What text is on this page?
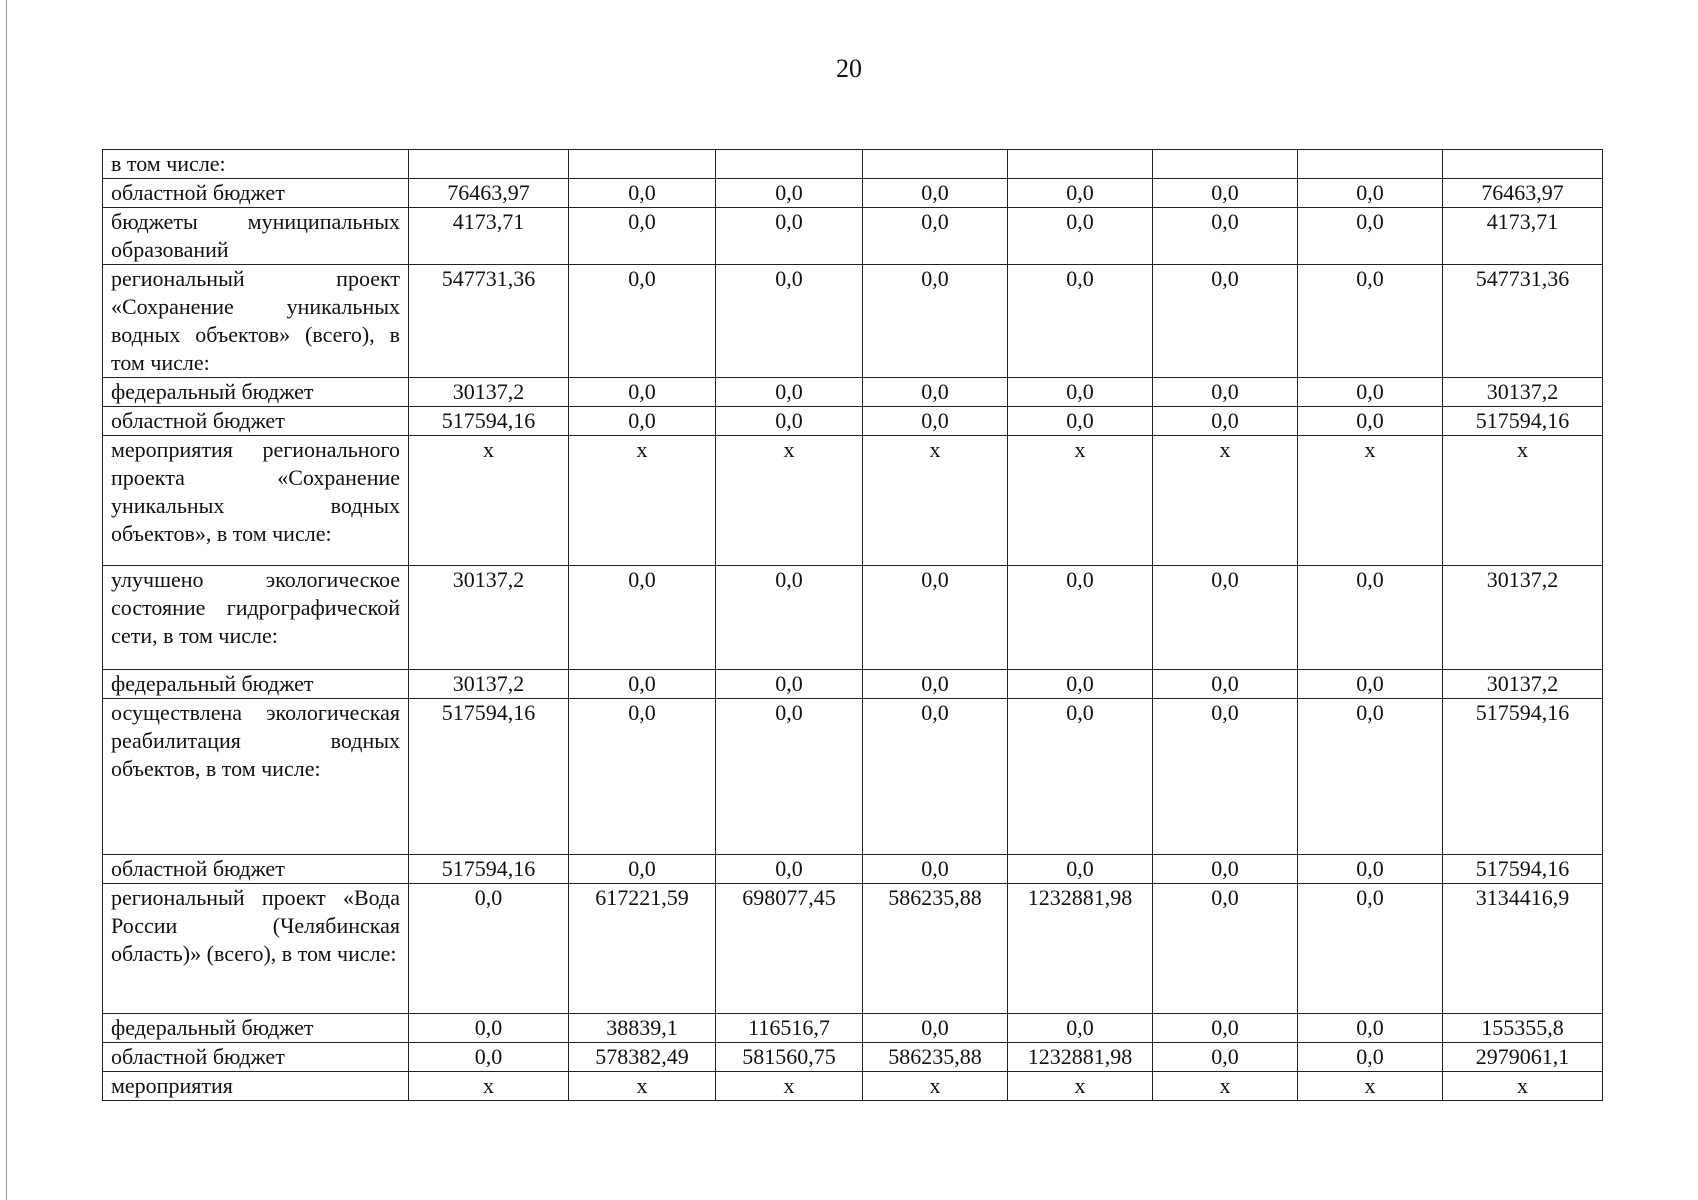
20
в том числе:								
областной бюджет	76463,97	0,0	0,0	0,0	0,0	0,0	0,0	76463,97
бюджеты муниципальных образований	4173,71	0,0	0,0	0,0	0,0	0,0	0,0	4173,71
региональный проект «Сохранение уникальных водных объектов» (всего), в том числе:	547731,36	0,0	0,0	0,0	0,0	0,0	0,0	547731,36
федеральный бюджет	30137,2	0,0	0,0	0,0	0,0	0,0	0,0	30137,2
областной бюджет	517594,16	0,0	0,0	0,0	0,0	0,0	0,0	517594,16
мероприятия регионального проекта «Сохранение уникальных водных объектов», в том числе:	х	х	х	х	х	х	х	х
улучшено экологическое состояние гидрографической сети, в том числе:	30137,2	0,0	0,0	0,0	0,0	0,0	0,0	30137,2
федеральный бюджет	30137,2	0,0	0,0	0,0	0,0	0,0	0,0	30137,2
осуществлена экологическая реабилитация водных объектов, в том числе:	517594,16	0,0	0,0	0,0	0,0	0,0	0,0	517594,16
областной бюджет	517594,16	0,0	0,0	0,0	0,0	0,0	0,0	517594,16
региональный проект «Вода России (Челябинская область)» (всего), в том числе:	0,0	617221,59	698077,45	586235,88	1232881,98	0,0	0,0	3134416,9
федеральный бюджет	0,0	38839,1	116516,7	0,0	0,0	0,0	0,0	155355,8
областной бюджет	0,0	578382,49	581560,75	586235,88	1232881,98	0,0	0,0	2979061,1
мероприятия	х	х	х	х	х	х	х	х
